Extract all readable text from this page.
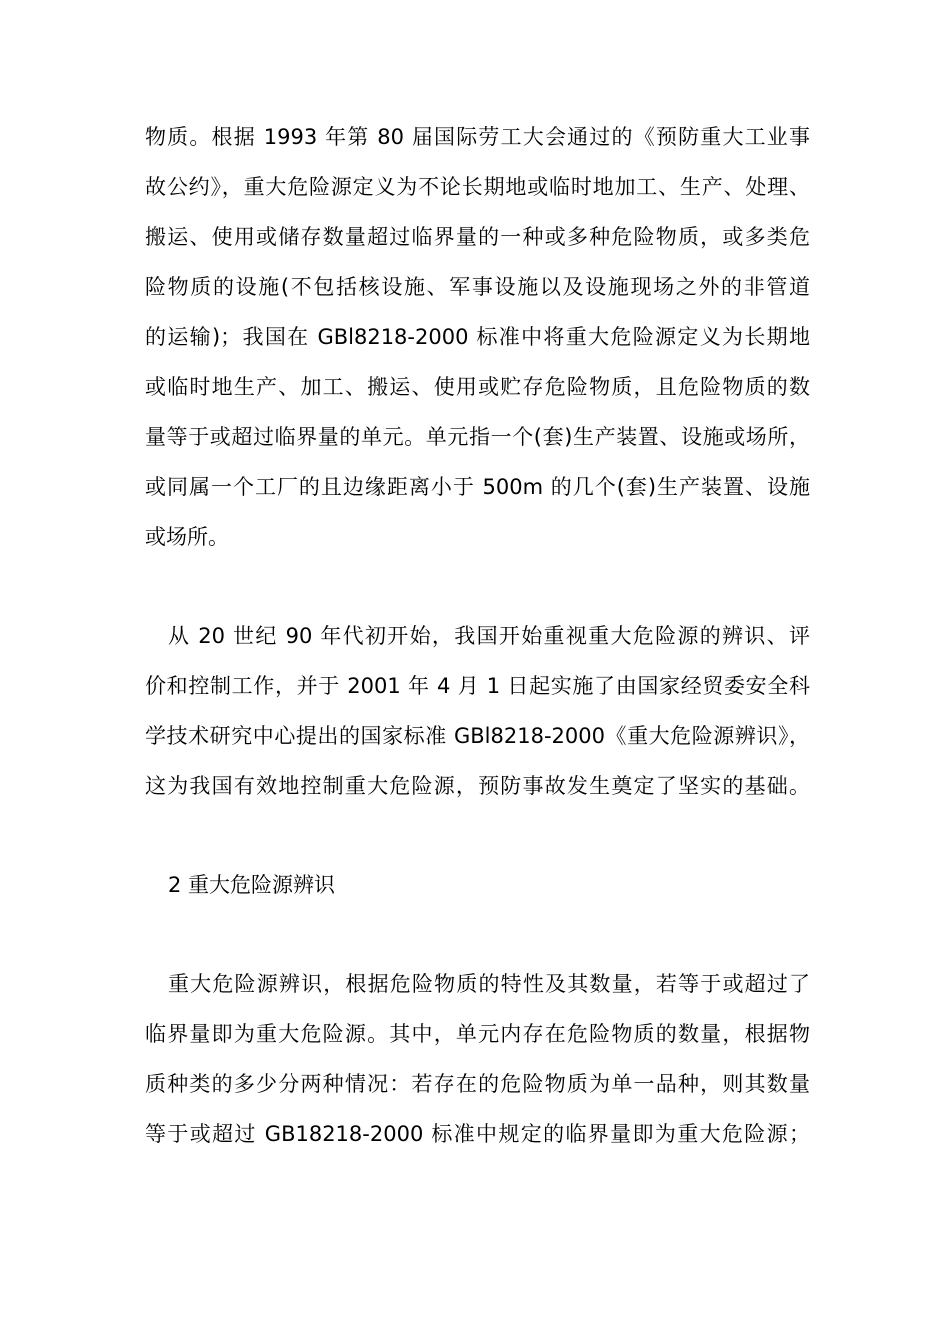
物质。根据 1993 年第 80 届国际劳工大会通过的《预防重大工业事
故公约》，重大危险源定义为不论长期地或临时地加工、生产、处理、
搬运、使用或储存数量超过临界量的一种或多种危险物质，或多类危
险物质的设施(不包括核设施、军事设施以及设施现场之外的非管道
的运输)；我国在 GBl8218-2000 标准中将重大危险源定义为长期地
或临时地生产、加工、搬运、使用或贮存危险物质，且危险物质的数
量等于或超过临界量的单元。单元指一个(套)生产装置、设施或场所，
或同属一个工厂的且边缘距离小于 500m 的几个(套)生产装置、设施
或场所。
从 20 世纪 90 年代初开始，我国开始重视重大危险源的辨识、评
价和控制工作，并于 2001 年 4 月 1 日起实施了由国家经贸委安全科
学技术研究中心提出的国家标准 GBl8218-2000《重大危险源辨识》，
这为我国有效地控制重大危险源，预防事故发生奠定了坚实的基础。
2 重大危险源辨识
重大危险源辨识，根据危险物质的特性及其数量，若等于或超过了
临界量即为重大危险源。其中，单元内存在危险物质的数量，根据物
质种类的多少分两种情况：若存在的危险物质为单一品种，则其数量
等于或超过 GB18218-2000 标准中规定的临界量即为重大危险源；
